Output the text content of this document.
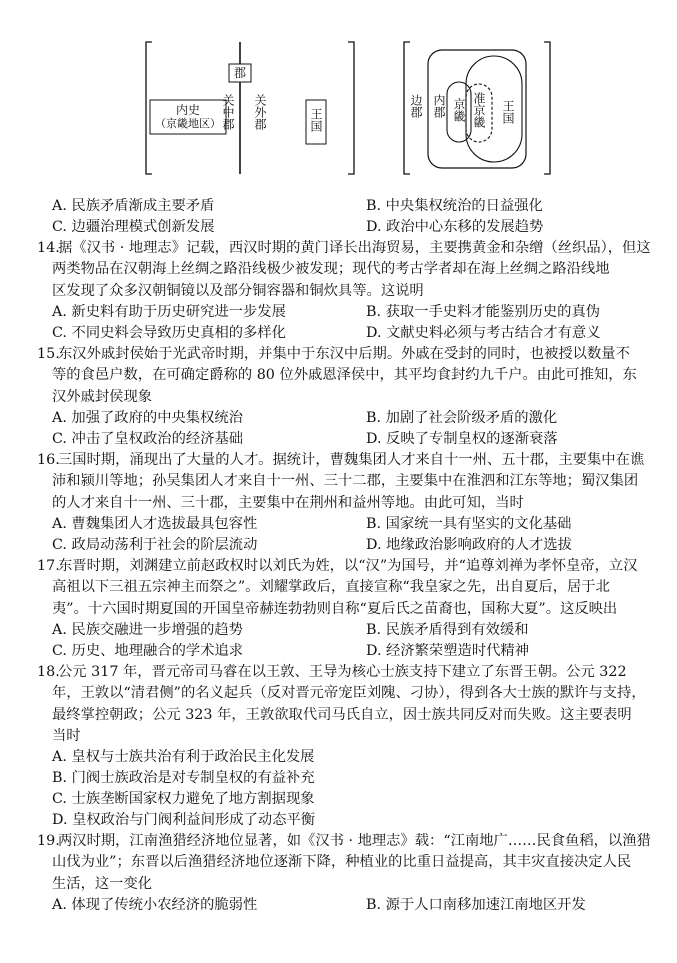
内史
（京畿地区）
郡
关中郡 关外郡	王国
边郡 内郡 京畿 准京畿 王国
A. 民族矛盾渐成主要矛盾	B. 中央集权统治的日益强化
C. 边疆治理模式创新发展	D. 政治中心东移的发展趋势
14.据《汉书 · 地理志》记载，西汉时期的黄门译长出海贸易，主要携黄金和杂缯（丝织品），但这
两类物品在汉朝海上丝绸之路沿线极少被发现；现代的考古学者却在海上丝绸之路沿线地
区发现了众多汉朝铜镜以及部分铜容器和铜炊具等。这说明
A. 新史料有助于历史研究进一步发展	B. 获取一手史料才能鉴别历史的真伪
C. 不同史料会导致历史真相的多样化	D. 文献史料必须与考古结合才有意义
15.东汉外戚封侯始于光武帝时期，并集中于东汉中后期。外戚在受封的同时，也被授以数量不
等的食邑户数，在可确定爵称的 80 位外戚恩泽侯中，其平均食封约九千户。由此可推知，东
汉外戚封侯现象
A. 加强了政府的中央集权统治	B. 加剧了社会阶级矛盾的激化
C. 冲击了皇权政治的经济基础	D. 反映了专制皇权的逐渐衰落
16.三国时期，涌现出了大量的人才。据统计，曹魏集团人才来自十一州、五十郡，主要集中在谯
沛和颍川等地；孙吴集团人才来自十一州、三十二郡，主要集中在淮泗和江东等地；蜀汉集团
的人才来自十一州、三十郡，主要集中在荆州和益州等地。由此可知，当时
A. 曹魏集团人才选拔最具包容性	B. 国家统一具有坚实的文化基础
C. 政局动荡利于社会的阶层流动	D. 地缘政治影响政府的人才选拔
17.东晋时期，刘渊建立前赵政权时以刘氏为姓，以“汉”为国号，并“追尊刘禅为孝怀皇帝，立汉
高祖以下三祖五宗神主而祭之”。刘耀掌政后，直接宣称“我皇家之先，出自夏后，居于北
夷”。十六国时期夏国的开国皇帝赫连勃勃则自称“夏后氏之苗裔也，国称大夏”。这反映出
A. 民族交融进一步增强的趋势	B. 民族矛盾得到有效缓和
C. 历史、地理融合的学术追求	D. 经济繁荣塑造时代精神
18.公元 317 年，晋元帝司马睿在以王敦、王导为核心士族支持下建立了东晋王朝。公元 322
年，王敦以“清君侧”的名义起兵（反对晋元帝宠臣刘隗、刁协），得到各大士族的默许与支持，
最终掌控朝政；公元 323 年，王敦欲取代司马氏自立，因士族共同反对而失败。这主要表明
当时
A. 皇权与士族共治有利于政治民主化发展
B. 门阀士族政治是对专制皇权的有益补充
C. 士族垄断国家权力避免了地方割据现象
D. 皇权政治与门阀利益间形成了动态平衡
19.两汉时期，江南渔猎经济地位显著，如《汉书 · 地理志》载：“江南地广……民食鱼稻，以渔猎
山伐为业”；东晋以后渔猎经济地位逐渐下降，种植业的比重日益提高，其丰灾直接决定人民
生活，这一变化
A. 体现了传统小农经济的脆弱性	B. 源于人口南移加速江南地区开发
